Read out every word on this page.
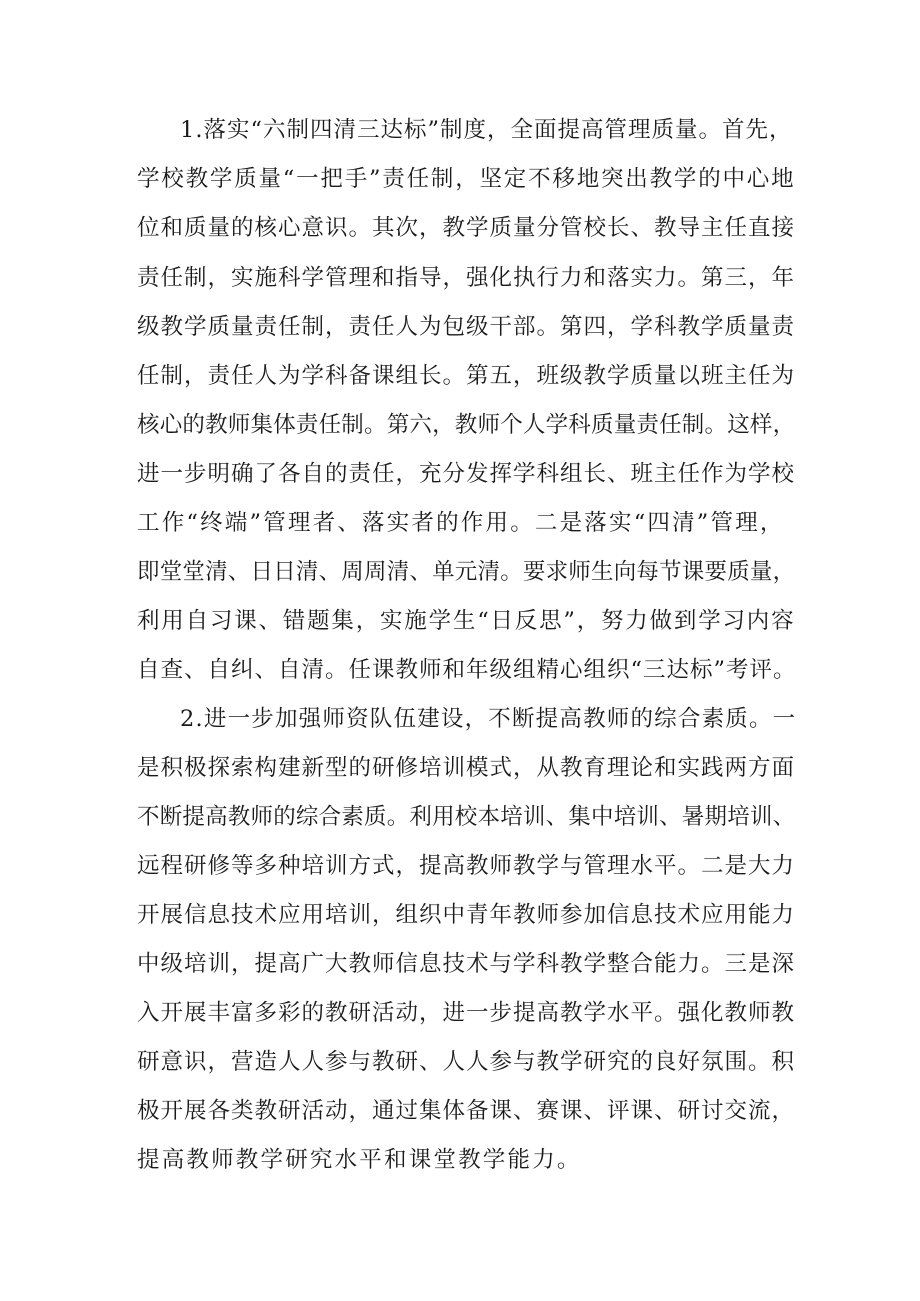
1.落实“六制四清三达标”制度，全面提高管理质量。首先，
学校教学质量“一把手”责任制，坚定不移地突出教学的中心地
位和质量的核心意识。其次，教学质量分管校长、教导主任直接
责任制，实施科学管理和指导，强化执行力和落实力。第三，年
级教学质量责任制，责任人为包级干部。第四，学科教学质量责
任制，责任人为学科备课组长。第五，班级教学质量以班主任为
核心的教师集体责任制。第六，教师个人学科质量责任制。这样，
进一步明确了各自的责任，充分发挥学科组长、班主任作为学校
工作“终端”管理者、落实者的作用。二是落实“四清”管理，
即堂堂清、日日清、周周清、单元清。要求师生向每节课要质量，
利用自习课、错题集，实施学生“日反思”，努力做到学习内容
自查、自纠、自清。任课教师和年级组精心组织“三达标”考评。
2.进一步加强师资队伍建设，不断提高教师的综合素质。一
是积极探索构建新型的研修培训模式，从教育理论和实践两方面
不断提高教师的综合素质。利用校本培训、集中培训、暑期培训、
远程研修等多种培训方式，提高教师教学与管理水平。二是大力
开展信息技术应用培训，组织中青年教师参加信息技术应用能力
中级培训，提高广大教师信息技术与学科教学整合能力。三是深
入开展丰富多彩的教研活动，进一步提高教学水平。强化教师教
研意识，营造人人参与教研、人人参与教学研究的良好氛围。积
极开展各类教研活动，通过集体备课、赛课、评课、研讨交流，
提高教师教学研究水平和课堂教学能力。
